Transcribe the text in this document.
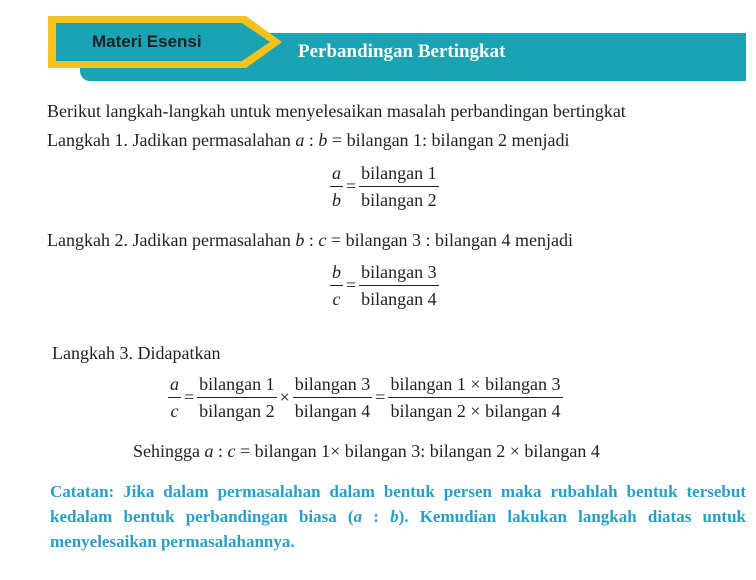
Materi Esensi	Perbandingan Bertingkat
Berikut langkah-langkah untuk menyelesaikan masalah perbandingan bertingkat
Langkah 1. Jadikan permasalahan a : b = bilangan 1: bilangan 2 menjadi
$\frac{a}{b} = \frac{\text{bilangan 1}}{\text{bilangan 2}}$
Langkah 2. Jadikan permasalahan b : c = bilangan 3 : bilangan 4 menjadi
$\frac{b}{c} = \frac{\text{bilangan 3}}{\text{bilangan 4}}$
Langkah 3. Didapatkan
$\frac{a}{c} = \frac{\text{bilangan 1}}{\text{bilangan 2}} \times \frac{\text{bilangan 3}}{\text{bilangan 4}} = \frac{\text{bilangan 1 × bilangan 3}}{\text{bilangan 2 × bilangan 4}}$
Sehingga a : c = bilangan 1× bilangan 3: bilangan 2 × bilangan 4
Catatan: Jika dalam permasalahan dalam bentuk persen maka rubahlah bentuk tersebut kedalam bentuk perbandingan biasa (a : b). Kemudian lakukan langkah diatas untuk menyelesaikan permasalahannya.
